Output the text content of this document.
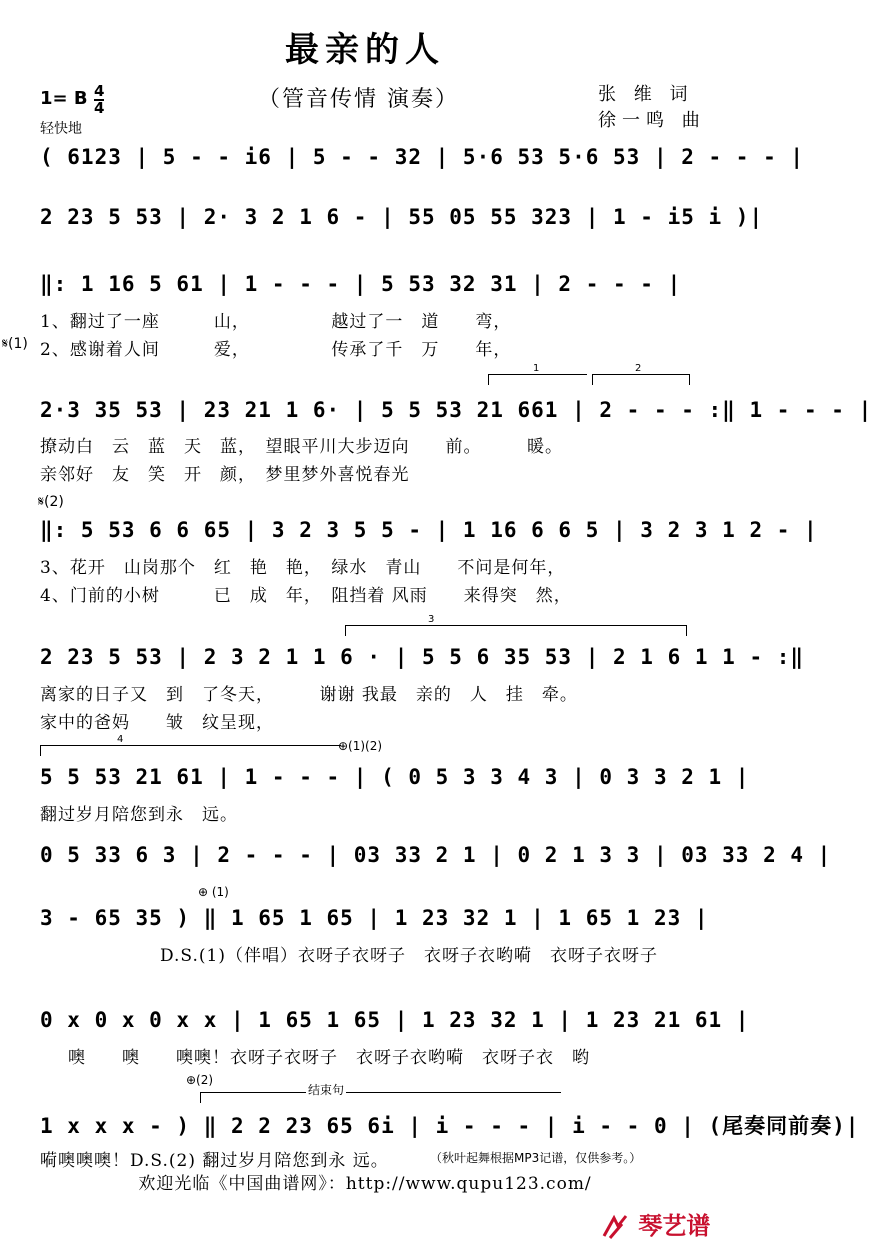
最亲的人
（管音传情 演奏）	张 维 词
徐一鸣 曲
1= B 4
4
轻快地
( 6123 | 5 - - i6 | 5 - - 32 | 5·6 53 5·6 53 | 2 - - - |
2 23 5 53 | 2· 3 2 1 6 - | 55 05 55 323 | 1 - i5 i )|
‖: 1 16 5 61 | 1 - - - | 5 53 32 31 | 2 - - - |
1、翻过了一座　　　山，　　　　　越过了一　道　　弯，
𝄋(1) 2、感谢着人间　　　爱，　　　　　传承了千　万　　年，
1	2
2·3 35 53 | 23 21 1 6· | 5 5 53 21 661 | 2 - - - :‖ 1 - - - |
撩动白　云　蓝　天　蓝，　望眼平川大步迈向　　前。　　　暖。
亲邻好　友　笑　开　颜，　梦里梦外喜悦春光
𝄋(2)
‖: 5 53 6 6 65 | 3 2 3 5 5 - | 1 16 6 6 5 | 3 2 3 1 2 - |
3、花开　山岗那个　红　艳　艳，　绿水　青山　　不问是何年，
4、门前的小树　　　已　成　年，　阻挡着 风雨　　来得突　然，
3
2 23 5 53 | 2 3 2 1 1 6 · | 5 5 6 35 53 | 2 1 6 1 1 - :‖
离家的日子又　到　了冬天，　　　谢谢 我最　亲的　人　挂　牵。
家中的爸妈　　皱　纹呈现，
4	⊕(1)(2)
5 5 53 21 61 | 1 - - - | ( 0 5 3 3 4 3 | 0 3 3 2 1 |
翻过岁月陪您到永　远。
0 5 33 6 3 | 2 - - - | 03 33 2 1 | 0 2 1 3 3 | 03 33 2 4 |
⊕ (1)
3 - 65 35 ) ‖ 1 65 1 65 | 1 23 32 1 | 1 65 1 23 |
D.S.(1)（伴唱）衣呀子衣呀子　衣呀子衣哟嗬　衣呀子衣呀子
0 x 0 x 0 x x | 1 65 1 65 | 1 23 32 1 | 1 23 21 61 |
噢　　噢　　噢噢！衣呀子衣呀子　衣呀子衣哟嗬　衣呀子衣　哟
⊕(2)
结束句
1 x x x - ) ‖ 2 2 23 65 6i | i - - - | i - - 0 | (尾奏同前奏)|
嗬噢噢噢！D.S.(2) 翻过岁月陪您到永 远。	（秋叶起舞根据MP3记谱，仅供参考。）
欢迎光临《中国曲谱网》：http://www.qupu123.com/
琴艺谱
